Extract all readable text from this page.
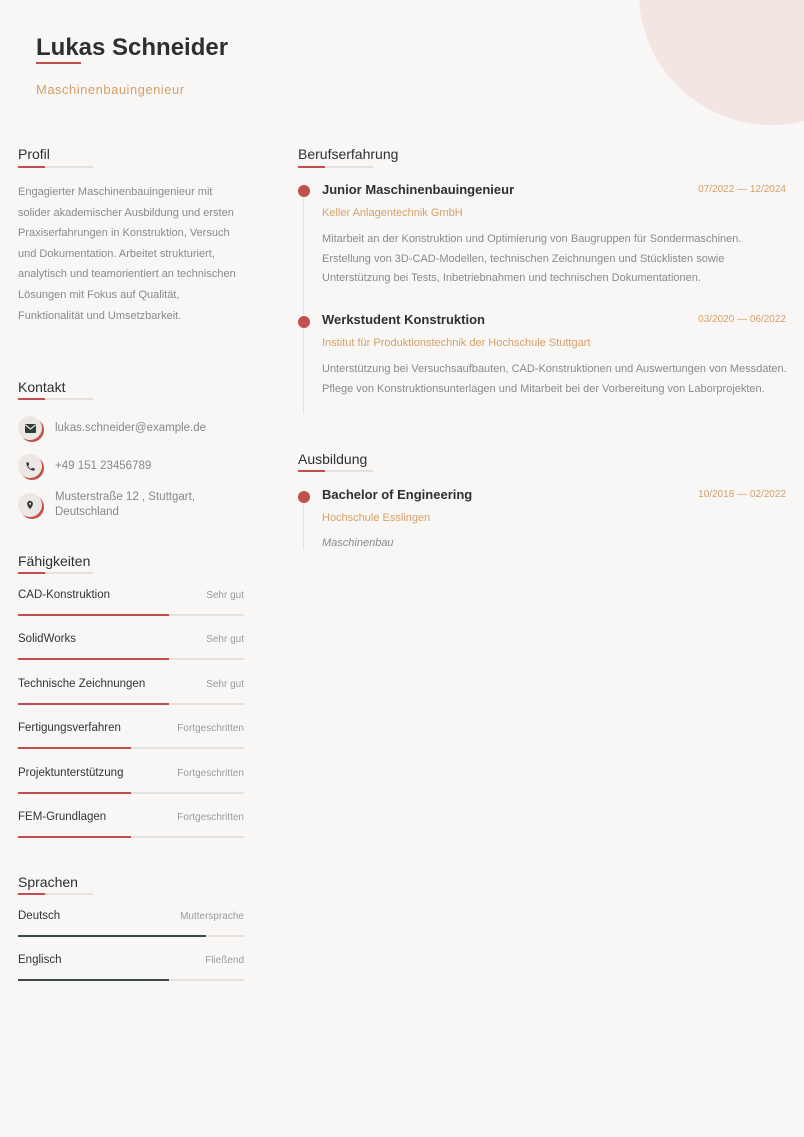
Lukas Schneider
Maschinenbauingenieur
Profil
Engagierter Maschinenbauingenieur mit solider akademischer Ausbildung und ersten Praxiserfahrungen in Konstruktion, Versuch und Dokumentation. Arbeitet strukturiert, analytisch und teamorientiert an technischen Lösungen mit Fokus auf Qualität, Funktionalität und Umsetzbarkeit.
Kontakt
lukas.schneider@example.de
+49 151 23456789
Musterstraße 12 , Stuttgart,
Deutschland
Fähigkeiten
CAD-Konstruktion	Sehr gut
SolidWorks	Sehr gut
Technische Zeichnungen	Sehr gut
Fertigungsverfahren	Fortgeschritten
Projektunterstützung	Fortgeschritten
FEM-Grundlagen	Fortgeschritten
Sprachen
Deutsch	Muttersprache
Englisch	Fließend
Berufserfahrung
Junior Maschinenbauingenieur	07/2022 — 12/2024
Keller Anlagentechnik GmbH
Mitarbeit an der Konstruktion und Optimierung von Baugruppen für Sondermaschinen. Erstellung von 3D-CAD-Modellen, technischen Zeichnungen und Stücklisten sowie Unterstützung bei Tests, Inbetriebnahmen und technischen Dokumentationen.
Werkstudent Konstruktion	03/2020 — 06/2022
Institut für Produktionstechnik der Hochschule Stuttgart
Unterstützung bei Versuchsaufbauten, CAD-Konstruktionen und Auswertungen von Messdaten. Pflege von Konstruktionsunterlagen und Mitarbeit bei der Vorbereitung von Laborprojekten.
Ausbildung
Bachelor of Engineering	10/2018 — 02/2022
Hochschule Esslingen
Maschinenbau
